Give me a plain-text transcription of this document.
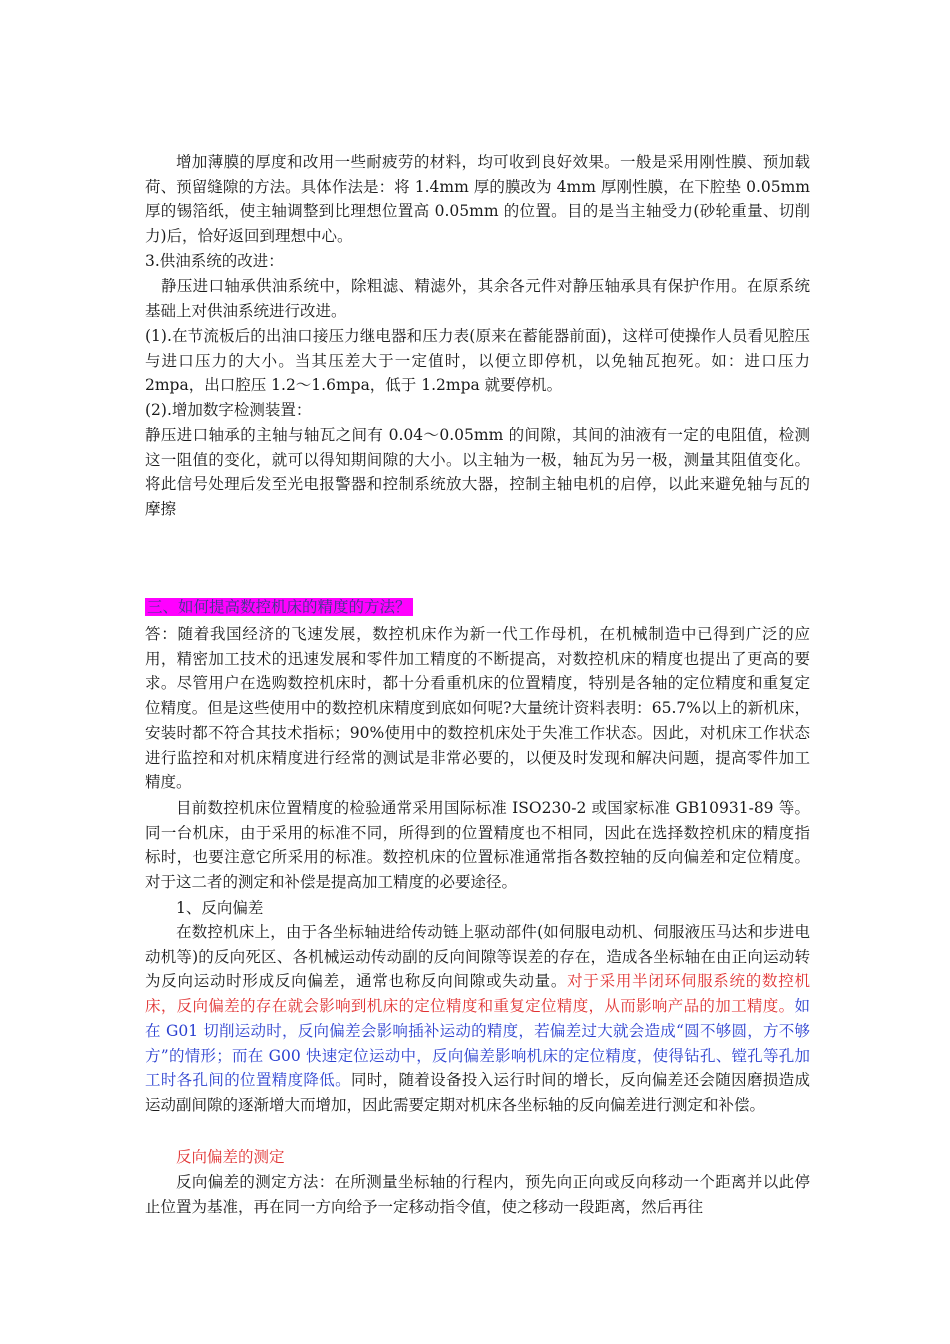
增加薄膜的厚度和改用一些耐疲劳的材料，均可收到良好效果。一般是采用刚性膜、预加载荷、预留缝隙的方法。具体作法是：将 1.4mm 厚的膜改为 4mm 厚刚性膜，在下腔垫 0.05mm 厚的锡箔纸，使主轴调整到比理想位置高 0.05mm 的位置。目的是当主轴受力(砂轮重量、切削力)后，恰好返回到理想中心。

3.供油系统的改进：

静压进口轴承供油系统中，除粗滤、精滤外，其余各元件对静压轴承具有保护作用。在原系统基础上对供油系统进行改进。

(1).在节流板后的出油口接压力继电器和压力表(原来在蓄能器前面)，这样可使操作人员看见腔压与进口压力的大小。当其压差大于一定值时，以便立即停机，以免轴瓦抱死。如：进口压力 2mpa，出口腔压 1.2～1.6mpa，低于 1.2mpa 就要停机。

(2).增加数字检测装置：

静压进口轴承的主轴与轴瓦之间有 0.04～0.05mm 的间隙，其间的油液有一定的电阻值，检测这一阻值的变化，就可以得知期间隙的大小。以主轴为一极，轴瓦为另一极，测量其阻值变化。将此信号处理后发至光电报警器和控制系统放大器，控制主轴电机的启停，以此来避免轴与瓦的摩擦

三、如何提高数控机床的精度的方法？

答：随着我国经济的飞速发展，数控机床作为新一代工作母机，在机械制造中已得到广泛的应用，精密加工技术的迅速发展和零件加工精度的不断提高，对数控机床的精度也提出了更高的要求。尽管用户在选购数控机床时，都十分看重机床的位置精度，特别是各轴的定位精度和重复定位精度。但是这些使用中的数控机床精度到底如何呢?大量统计资料表明：65.7%以上的新机床，安装时都不符合其技术指标；90%使用中的数控机床处于失准工作状态。因此，对机床工作状态进行监控和对机床精度进行经常的测试是非常必要的，以便及时发现和解决问题，提高零件加工精度。

目前数控机床位置精度的检验通常采用国际标准 ISO230-2 或国家标准 GB10931-89 等。同一台机床，由于采用的标准不同，所得到的位置精度也不相同，因此在选择数控机床的精度指标时，也要注意它所采用的标准。数控机床的位置标准通常指各数控轴的反向偏差和定位精度。对于这二者的测定和补偿是提高加工精度的必要途径。

1、反向偏差

在数控机床上，由于各坐标轴进给传动链上驱动部件(如伺服电动机、伺服液压马达和步进电动机等)的反向死区、各机械运动传动副的反向间隙等误差的存在，造成各坐标轴在由正向运动转为反向运动时形成反向偏差，通常也称反向间隙或失动量。对于采用半闭环伺服系统的数控机床，反向偏差的存在就会影响到机床的定位精度和重复定位精度，从而影响产品的加工精度。如在 G01 切削运动时，反向偏差会影响插补运动的精度，若偏差过大就会造成“圆不够圆，方不够方”的情形；而在 G00 快速定位运动中，反向偏差影响机床的定位精度，使得钻孔、镗孔等孔加工时各孔间的位置精度降低。同时，随着设备投入运行时间的增长，反向偏差还会随因磨损造成运动副间隙的逐渐增大而增加，因此需要定期对机床各坐标轴的反向偏差进行测定和补偿。

反向偏差的测定

反向偏差的测定方法：在所测量坐标轴的行程内，预先向正向或反向移动一个距离并以此停止位置为基准，再在同一方向给予一定移动指令值，使之移动一段距离，然后再往
